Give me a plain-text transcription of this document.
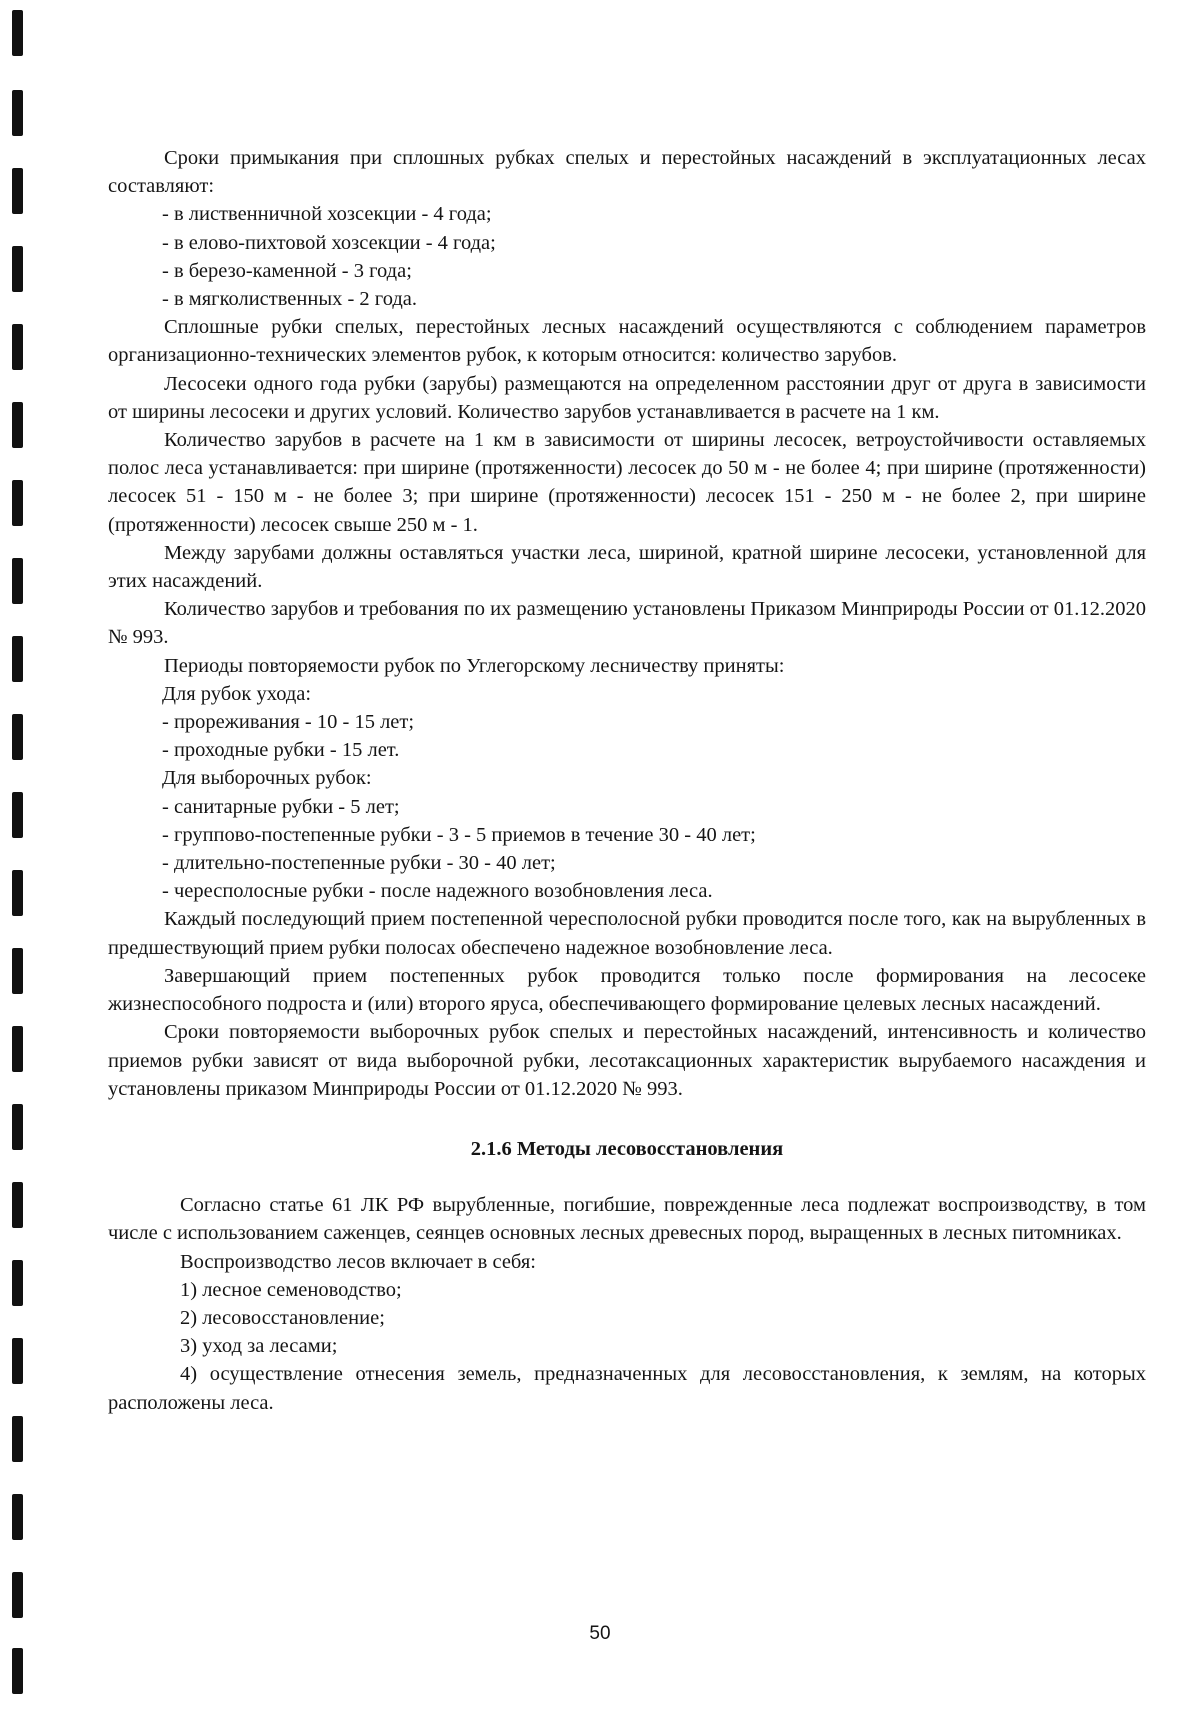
Сроки примыкания при сплошных рубках спелых и перестойных насаждений в эксплуатационных лесах составляют:

- в лиственничной хозсекции - 4 года;

- в елово-пихтовой хозсекции - 4 года;

- в березо-каменной - 3 года;

- в мягколиственных - 2 года.

Сплошные рубки спелых, перестойных лесных насаждений осуществляются с соблюдением параметров организационно-технических элементов рубок, к которым относится: количество зарубов.

Лесосеки одного года рубки (зарубы) размещаются на определенном расстоянии друг от друга в зависимости от ширины лесосеки и других условий. Количество зарубов устанавливается в расчете на 1 км.

Количество зарубов в расчете на 1 км в зависимости от ширины лесосек, ветроустойчивости оставляемых полос леса устанавливается: при ширине (протяженности) лесосек до 50 м - не более 4; при ширине (протяженности) лесосек 51 - 150 м - не более 3; при ширине (протяженности) лесосек 151 - 250 м - не более 2, при ширине (протяженности) лесосек свыше 250 м - 1.

Между зарубами должны оставляться участки леса, шириной, кратной ширине лесосеки, установленной для этих насаждений.

Количество зарубов и требования по их размещению установлены Приказом Минприроды России от 01.12.2020 № 993.

Периоды повторяемости рубок по Углегорскому лесничеству приняты:

Для рубок ухода:

- прореживания - 10 - 15 лет;

- проходные рубки - 15 лет.

Для выборочных рубок:

- санитарные рубки - 5 лет;

- группово-постепенные рубки - 3 - 5 приемов в течение 30 - 40 лет;

- длительно-постепенные рубки - 30 - 40 лет;

- чересполосные рубки - после надежного возобновления леса.

Каждый последующий прием постепенной чересполосной рубки проводится после того, как на вырубленных в предшествующий прием рубки полосах обеспечено надежное возобновление леса.

Завершающий прием постепенных рубок проводится только после формирования на лесосеке жизнеспособного подроста и (или) второго яруса, обеспечивающего формирование целевых лесных насаждений.

Сроки повторяемости выборочных рубок спелых и перестойных насаждений, интенсивность и количество приемов рубки зависят от вида выборочной рубки, лесотаксационных характеристик вырубаемого насаждения и установлены приказом Минприроды России от 01.12.2020 № 993.

2.1.6 Методы лесовосстановления

Согласно статье 61 ЛК РФ вырубленные, погибшие, поврежденные леса подлежат воспроизводству, в том числе с использованием саженцев, сеянцев основных лесных древесных пород, выращенных в лесных питомниках.

Воспроизводство лесов включает в себя:

1) лесное семеноводство;

2) лесовосстановление;

3) уход за лесами;

4) осуществление отнесения земель, предназначенных для лесовосстановления, к землям, на которых расположены леса.

50
